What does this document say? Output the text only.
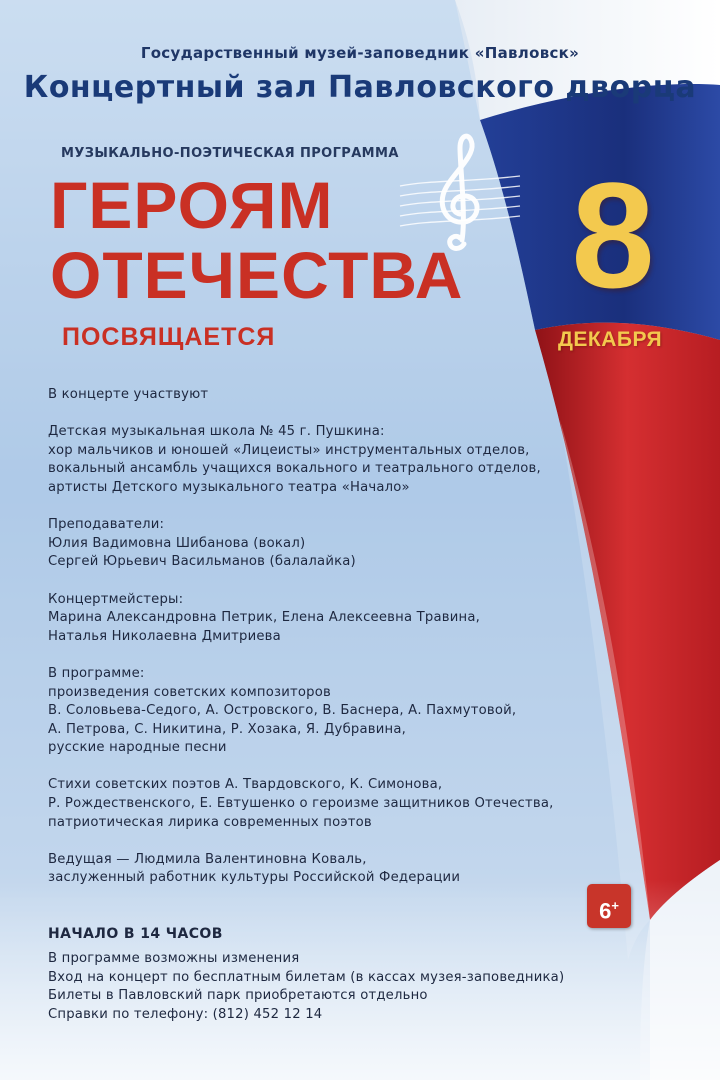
Государственный музей-заповедник «Павловск»
Концертный зал Павловского дворца
МУЗЫКАЛЬНО-ПОЭТИЧЕСКАЯ ПРОГРАММА
ГЕРОЯМ
ОТЕЧЕСТВА
ПОСВЯЩАЕТСЯ
8
ДЕКАБРЯ
В концерте участвуют
Детская музыкальная школа № 45 г. Пушкина:
хор мальчиков и юношей «Лицеисты» инструментальных отделов,
вокальный ансамбль учащихся вокального и театрального отделов,
артисты Детского музыкального театра «Начало»
Преподаватели:
Юлия Вадимовна Шибанова (вокал)
Сергей Юрьевич Васильманов (балалайка)
Концертмейстеры:
Марина Александровна Петрик, Елена Алексеевна Травина,
Наталья Николаевна Дмитриева
В программе:
произведения советских композиторов
В. Соловьева-Седого, А. Островского, В. Баснера, А. Пахмутовой,
А. Петрова, С. Никитина, Р. Хозака, Я. Дубравина,
русские народные песни
Стихи советских поэтов А. Твардовского, К. Симонова,
Р. Рождественского, Е. Евтушенко о героизме защитников Отечества,
патриотическая лирика современных поэтов
Ведущая — Людмила Валентиновна Коваль,
заслуженный работник культуры Российской Федерации
6+
НАЧАЛО В 14 ЧАСОВ
В программе возможны изменения
Вход на концерт по бесплатным билетам (в кассах музея-заповедника)
Билеты в Павловский парк приобретаются отдельно
Справки по телефону: (812) 452 12 14
